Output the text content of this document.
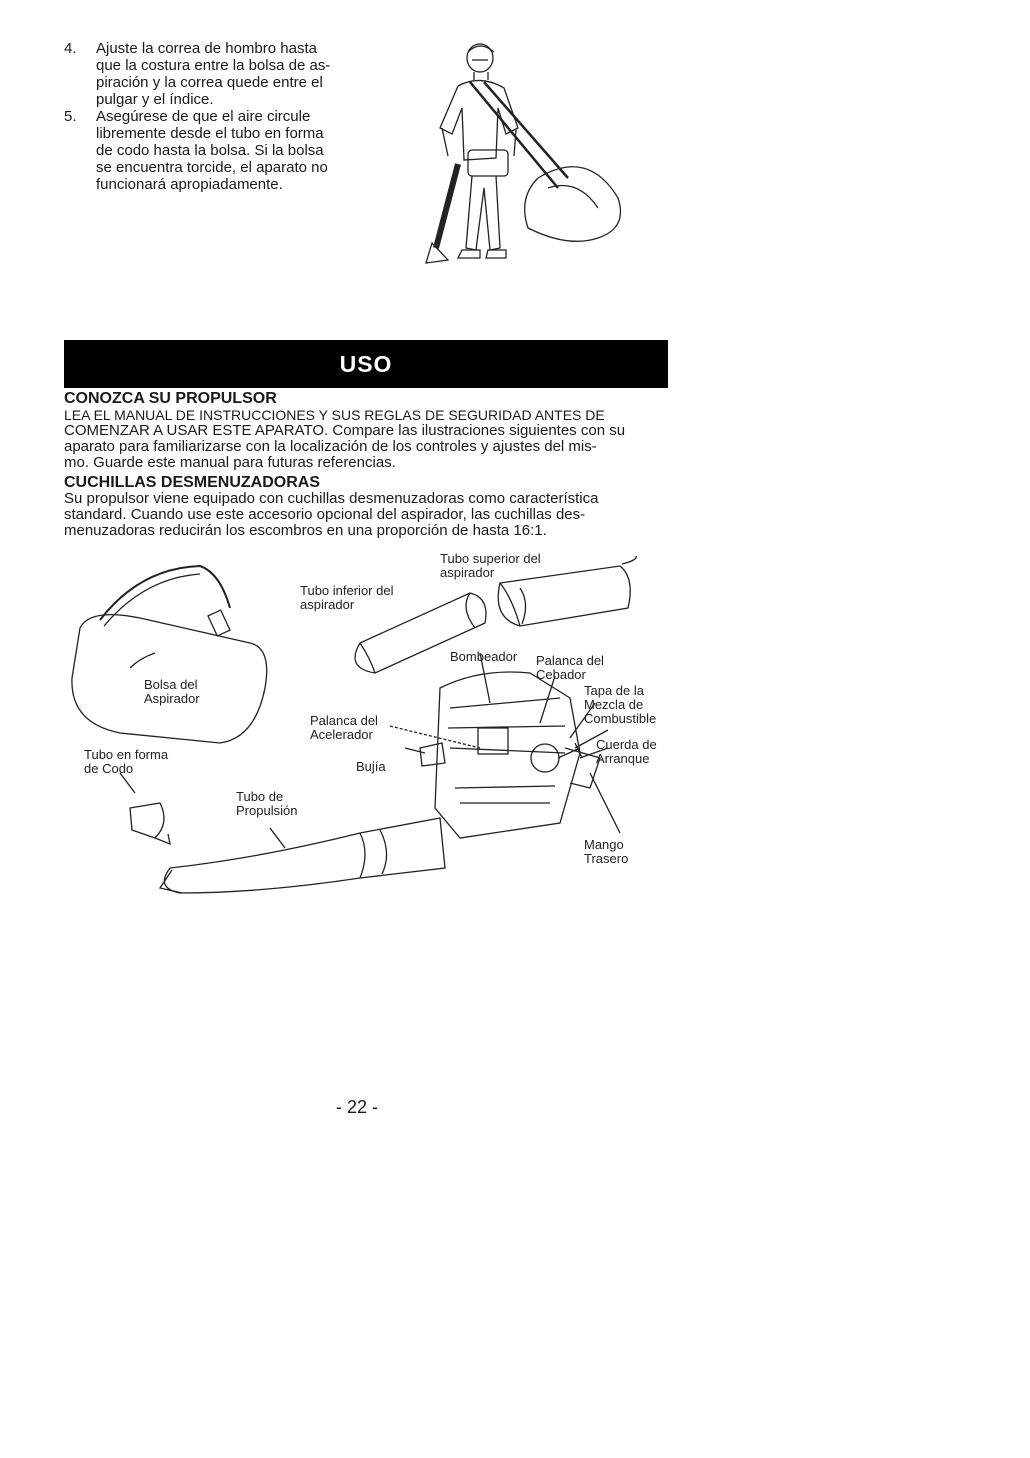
4.	Ajuste la correa de hombro hasta
que la costura entre la bolsa de as-
piración y la correa quede entre el
pulgar y el índice.
5.	Asegúrese de que el aire circule
libremente desde el tubo en forma
de codo hasta la bolsa. Si la bolsa
se encuentra torcide, el aparato no
funcionará apropiadamente.
USO
CONOZCA SU PROPULSOR
LEA EL MANUAL DE INSTRUCCIONES Y SUS REGLAS DE SEGURIDAD ANTES DE
COMENZAR A USAR ESTE APARATO. Compare las ilustraciones siguientes con su
aparato para familiarizarse con la localización de los controles y ajustes del mis-
mo. Guarde este manual para futuras referencias.
CUCHILLAS DESMENUZADORAS
Su propulsor viene equipado con cuchillas desmenuzadoras como característica
standard. Cuando use este accesorio opcional del aspirador, las cuchillas des-
menuzadoras reducirán los escombros en una proporción de hasta 16:1.
Tubo superior del
aspirador
Tubo inferior del
aspirador
Bolsa del
Aspirador
Bombeador Palanca del
Cebador
Tapa de la
Mezcla de
Combustible
Cuerda de
Arranque
Palanca del
Acelerador
Bujía
Tubo en forma
de Codo
Tubo de
Propulsión
Mango
Trasero
- 22 -
